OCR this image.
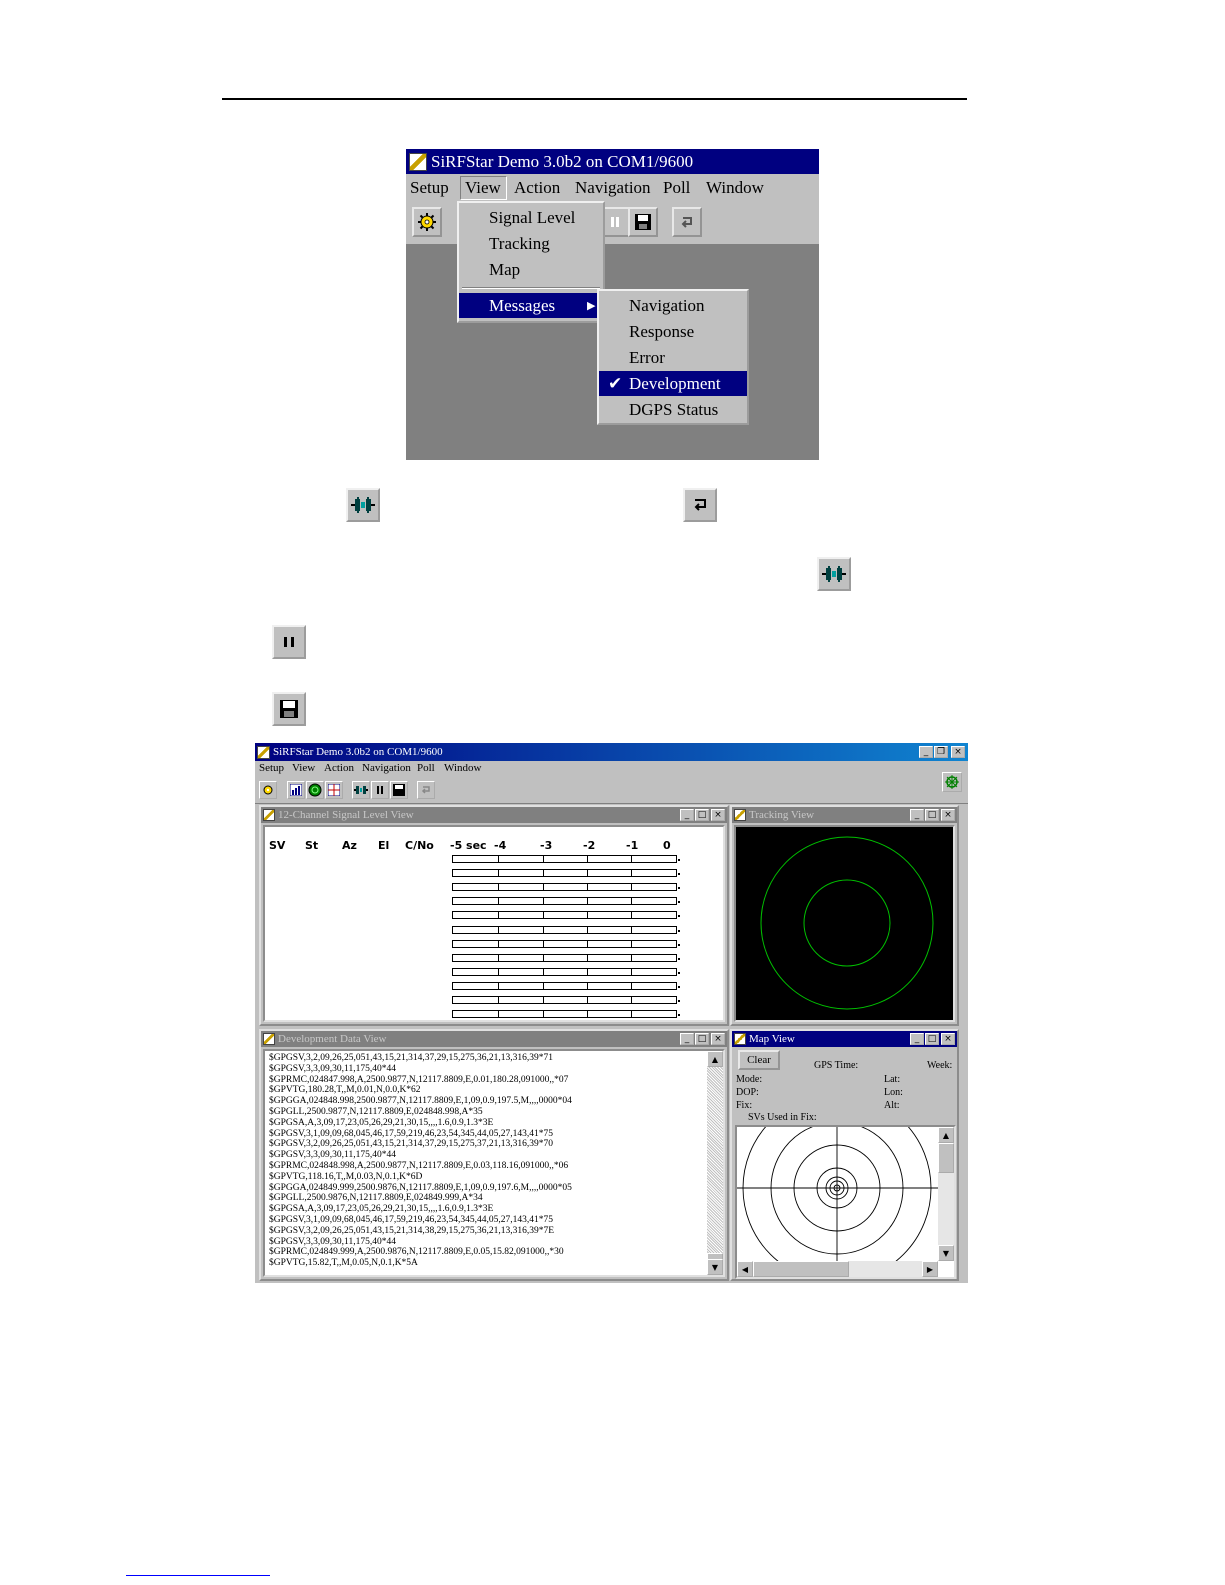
SiRFStar Demo 3.0b2 on COM1/9600
Setup View Action Navigation Poll Window
Signal Level
Tracking
Map
Messages	▶ Navigation
Response
Error
✔ Development
DGPS Status
SiRFStar Demo 3.0b2 on COM1/9600	_ ❐	×
Setup View Action Navigation Poll Window
12-Channel Signal Level View	_ □ ×
SV St Az El C/No -5 sec -4	-3	-2	-1 0
Tracking View	_ □ ×
Development Data View	_ □ ×
$GPGSV,3,2,09,26,25,051,43,15,21,314,37,29,15,275,36,21,13,316,39*71
$GPGSV,3,3,09,30,11,175,40*44
$GPRMC,024847.998,A,2500.9877,N,12117.8809,E,0.01,180.28,091000,,*07
$GPVTG,180.28,T,,M,0.01,N,0.0,K*62
$GPGGA,024848.998,2500.9877,N,12117.8809,E,1,09,0.9,197.5,M,,,,0000*04
$GPGLL,2500.9877,N,12117.8809,E,024848.998,A*35
$GPGSA,A,3,09,17,23,05,26,29,21,30,15,,,,1.6,0.9,1.3*3E
$GPGSV,3,1,09,09,68,045,46,17,59,219,46,23,54,345,44,05,27,143,41*75
$GPGSV,3,2,09,26,25,051,43,15,21,314,37,29,15,275,37,21,13,316,39*70
$GPGSV,3,3,09,30,11,175,40*44
$GPRMC,024848.998,A,2500.9877,N,12117.8809,E,0.03,118.16,091000,,*06
$GPVTG,118.16,T,,M,0.03,N,0.1,K*6D
$GPGGA,024849.999,2500.9876,N,12117.8809,E,1,09,0.9,197.6,M,,,,0000*05
$GPGLL,2500.9876,N,12117.8809,E,024849.999,A*34
$GPGSA,A,3,09,17,23,05,26,29,21,30,15,,,,1.6,0.9,1.3*3E
$GPGSV,3,1,09,09,68,045,46,17,59,219,46,23,54,345,44,05,27,143,41*75
$GPGSV,3,2,09,26,25,051,43,15,21,314,38,29,15,275,36,21,13,316,39*7E
$GPGSV,3,3,09,30,11,175,40*44
$GPRMC,024849.999,A,2500.9876,N,12117.8809,E,0.05,15.82,091000,,*30
$GPVTG,15.82,T,,M,0.05,N,0.1,K*5A
▲
▼
Map View	_ □ ×
Clear	GPS Time:	Week:
Mode:	Lat:
DOP:	Lon:
Fix:	Alt:
SVs Used in Fix:
▲
▼
◀	▶
